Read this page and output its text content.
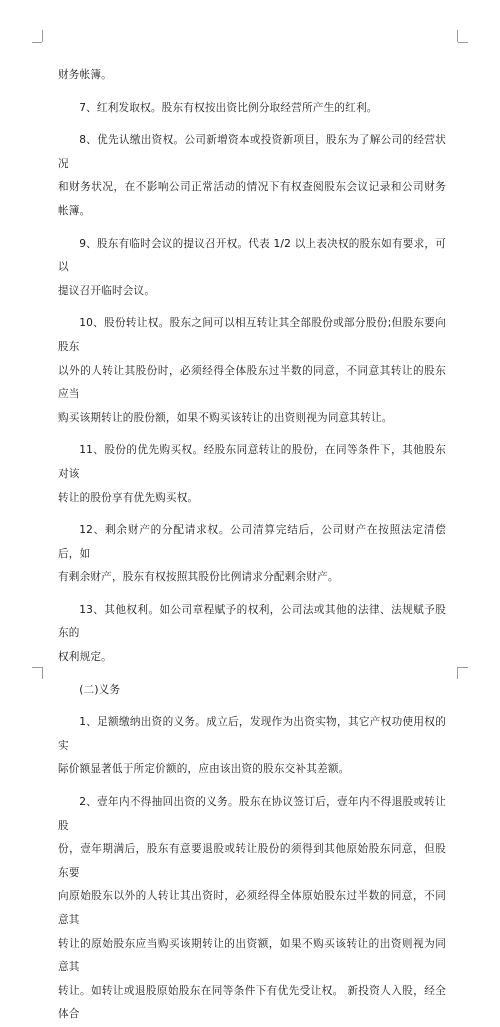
财务帐簿。

7、红利发取权。股东有权按出资比例分取经营所产生的红利。

8、优先认缴出资权。公司新增资本或投资新项目，股东为了解公司的经营状况
和财务状况，在不影响公司正常活动的情况下有权查阅股东会议记录和公司财务帐簿。

9、股东有临时会议的提议召开权。代表 1/2 以上表决权的股东如有要求，可以
提议召开临时会议。

10、股份转让权。股东之间可以相互转让其全部股份或部分股份;但股东要向股东
以外的人转让其股份时，必须经得全体股东过半数的同意，不同意其转让的股东应当
购买该期转让的股份额，如果不购买该转让的出资则视为同意其转让。

11、股份的优先购买权。经股东同意转让的股份，在同等条件下，其他股东对该
转让的股份享有优先购买权。

12、剩余财产的分配请求权。公司清算完结后，公司财产在按照法定清偿后，如
有剩余财产，股东有权按照其股份比例请求分配剩余财产。

13、其他权利。如公司章程赋予的权利，公司法或其他的法律、法规赋予股东的
权利规定。

(二)义务

1、足额缴纳出资的义务。成立后，发现作为出资实物，其它产权功使用权的实
际价额显著低于所定价额的，应由该出资的股东交补其差额。

2、壹年内不得抽回出资的义务。股东在协议签订后，壹年内不得退股或转让股
份，壹年期满后，股东有意要退股或转让股份的须得到其他原始股东同意，但股东要
向原始股东以外的人转让其出资时，必须经得全体原始股东过半数的同意，不同意其
转让的原始股东应当购买该期转让的出资额，如果不购买该转让的出资则视为同意其
转让。如转让或退股原始股东在同等条件下有优先受让权。 新投资人入股，经全体合
